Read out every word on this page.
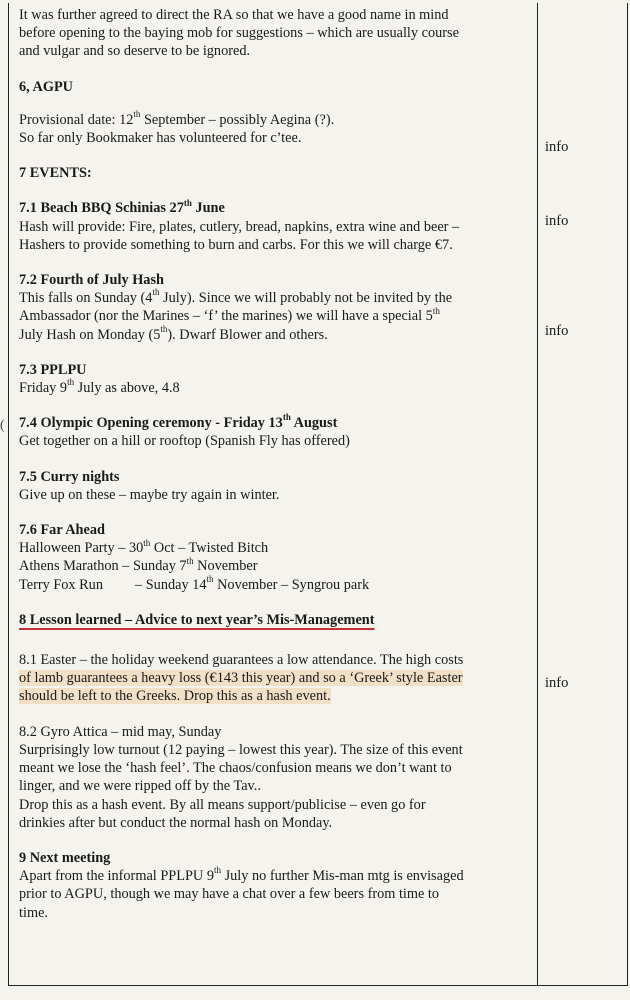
It was further agreed to direct the RA so that we have a good name in mind

before opening to the baying mob for suggestions – which are usually course

and vulgar and so deserve to be ignored.

6, AGPU

Provisional date: 12th September – possibly Aegina (?).

So far only Bookmaker has volunteered for c’tee.

7 EVENTS:

7.1 Beach BBQ Schinias 27th June

Hash will provide: Fire, plates, cutlery, bread, napkins, extra wine and beer –

Hashers to provide something to burn and carbs. For this we will charge €7.

7.2 Fourth of July Hash

This falls on Sunday (4th July). Since we will probably not be invited by the

Ambassador (nor the Marines – ‘f’ the marines) we will have a special 5th

July Hash on Monday (5th). Dwarf Blower and others.

7.3 PPLPU

Friday 9th July as above, 4.8

7.4 Olympic Opening ceremony - Friday 13th August

Get together on a hill or rooftop (Spanish Fly has offered)

7.5 Curry nights

Give up on these – maybe try again in winter.

7.6 Far Ahead

Halloween Party – 30th Oct – Twisted Bitch

Athens Marathon – Sunday 7th November

Terry Fox Run – Sunday 14th November – Syngrou park

8 Lesson learned – Advice to next year’s Mis-Management

8.1 Easter – the holiday weekend guarantees a low attendance. The high costs

of lamb guarantees a heavy loss (€143 this year) and so a ‘Greek’ style Easter

should be left to the Greeks. Drop this as a hash event.

8.2 Gyro Attica – mid may, Sunday

Surprisingly low turnout (12 paying – lowest this year). The size of this event

meant we lose the ‘hash feel’. The chaos/confusion means we don’t want to

linger, and we were ripped off by the Tav..

Drop this as a hash event. By all means support/publicise – even go for

drinkies after but conduct the normal hash on Monday.

9 Next meeting

Apart from the informal PPLPU 9th July no further Mis-man mtg is envisaged

prior to AGPU, though we may have a chat over a few beers from time to

time.

info
info
info
info
(
